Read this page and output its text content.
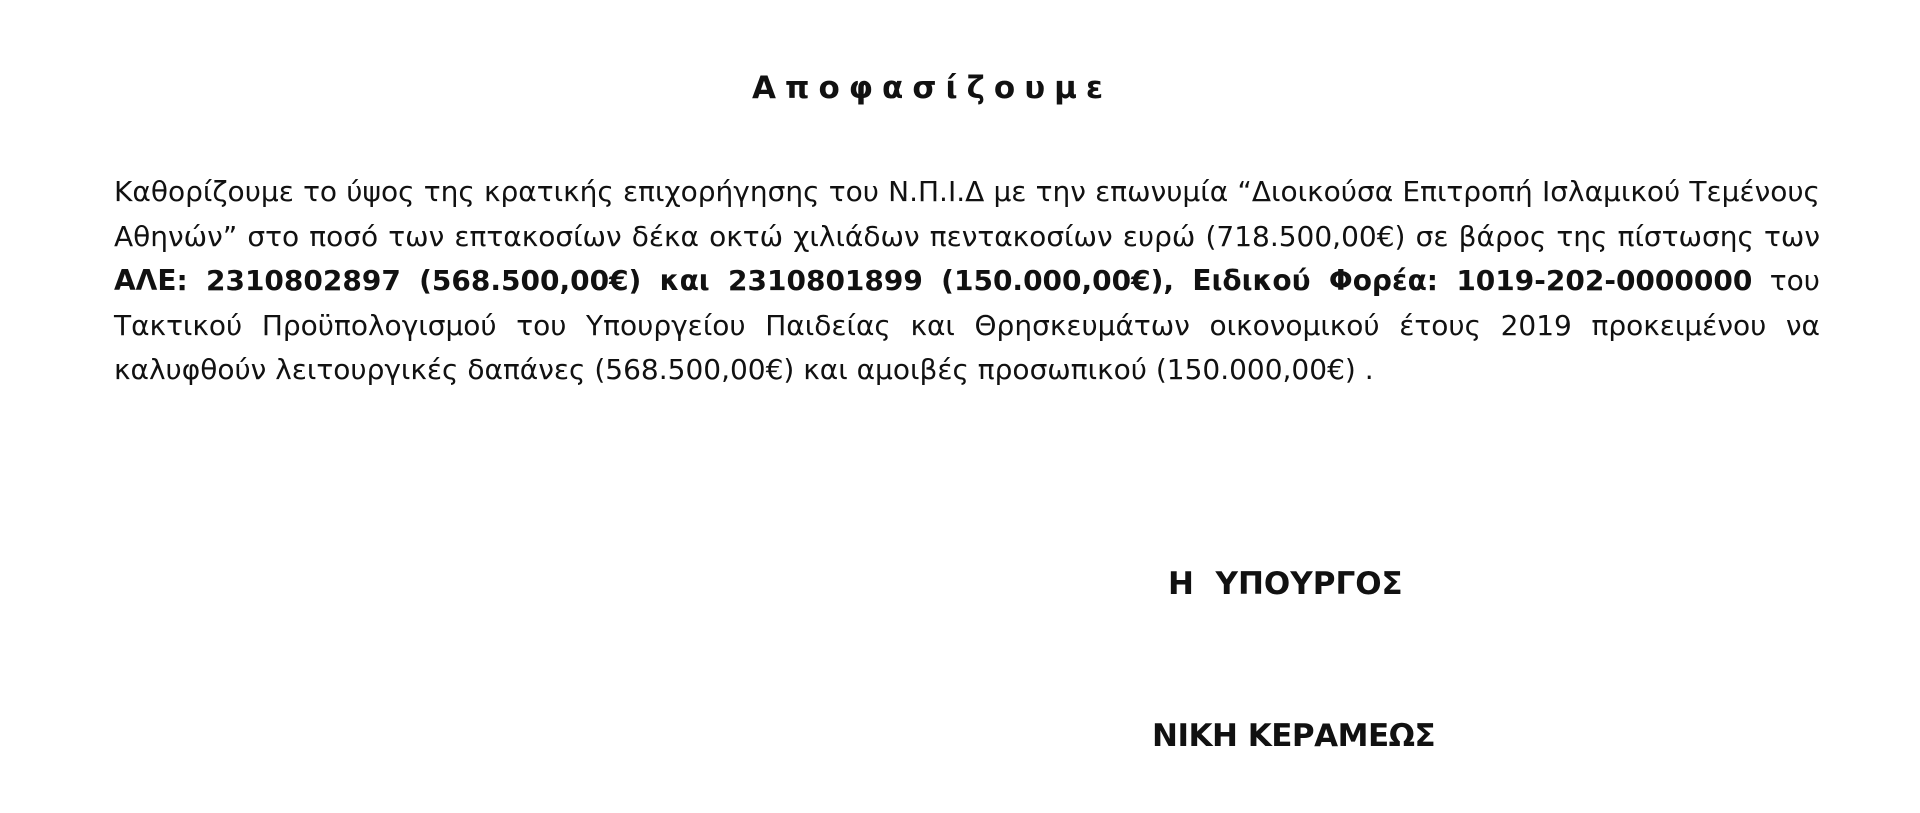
Αποφασίζουμε
Καθορίζουμε το ύψος της κρατικής επιχορήγησης του Ν.Π.Ι.Δ με την επωνυμία “Διοικούσα Επιτροπή Ισλαμικού Τεμένους Αθηνών” στο ποσό των επτακοσίων δέκα οκτώ χιλιάδων πεντακοσίων ευρώ (718.500,00€) σε βάρος της πίστωσης των ΑΛΕ: 2310802897 (568.500,00€) και 2310801899 (150.000,00€), Ειδικού Φορέα: 1019-202-0000000 του Τακτικού Προϋπολογισμού του Υπουργείου Παιδείας και Θρησκευμάτων οικονομικού έτους 2019 προκειμένου να καλυφθούν λειτουργικές δαπάνες (568.500,00€) και αμοιβές προσωπικού (150.000,00€) .
Η  ΥΠΟΥΡΓΟΣ
ΝΙΚΗ ΚΕΡΑΜΕΩΣ
